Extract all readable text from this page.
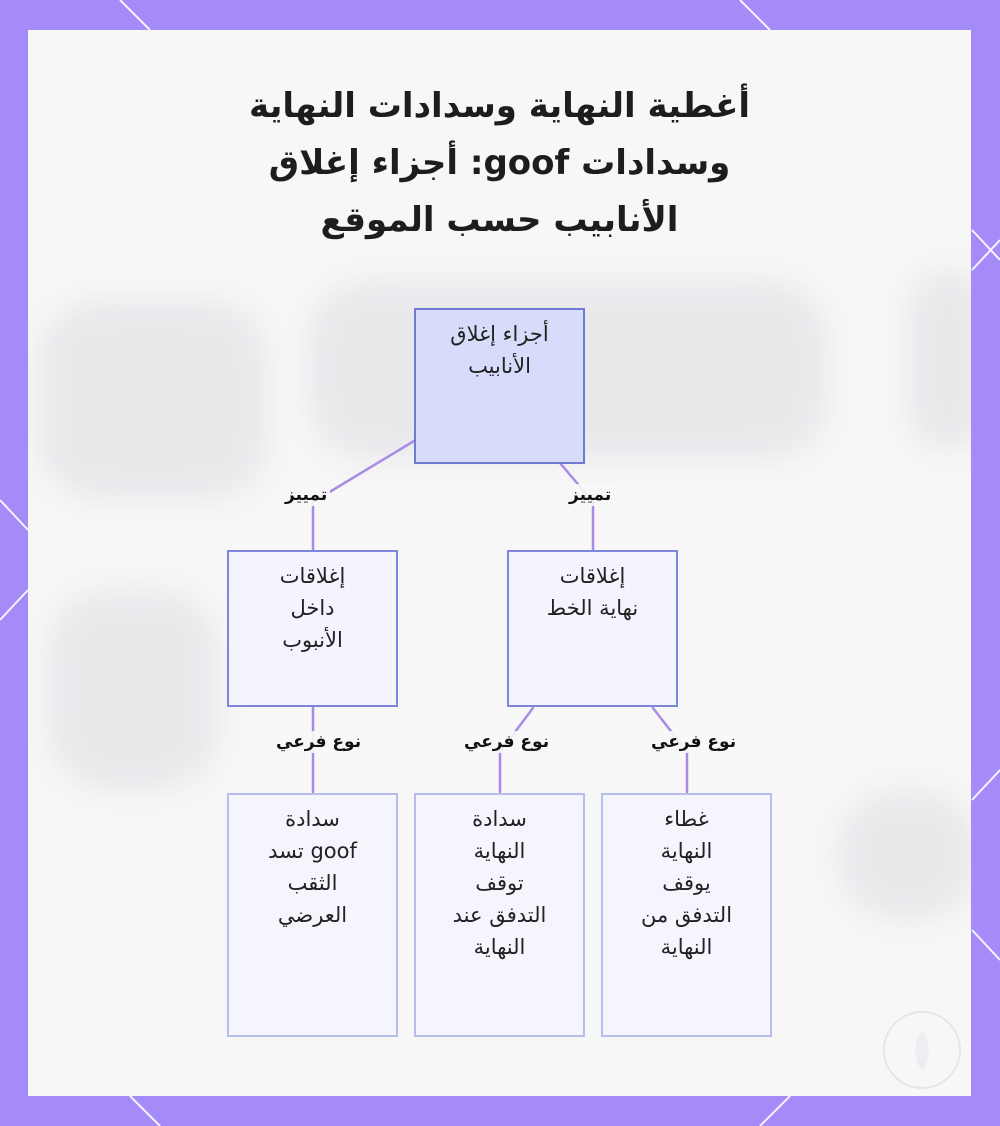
أغطية النهاية وسدادات النهاية
وسدادات goof: أجزاء إغلاق
الأنابيب حسب الموقع
أجزاء إغلاق
الأنابيب
إغلاقات
داخل
الأنبوب
إغلاقات
نهاية الخط
سدادة
goof تسد
الثقب
العرضي
سدادة
النهاية
توقف
التدفق عند
النهاية
غطاء
النهاية
يوقف
التدفق من
النهاية
تمييز	تمييز
نوع فرعي	نوع فرعي	نوع فرعي
